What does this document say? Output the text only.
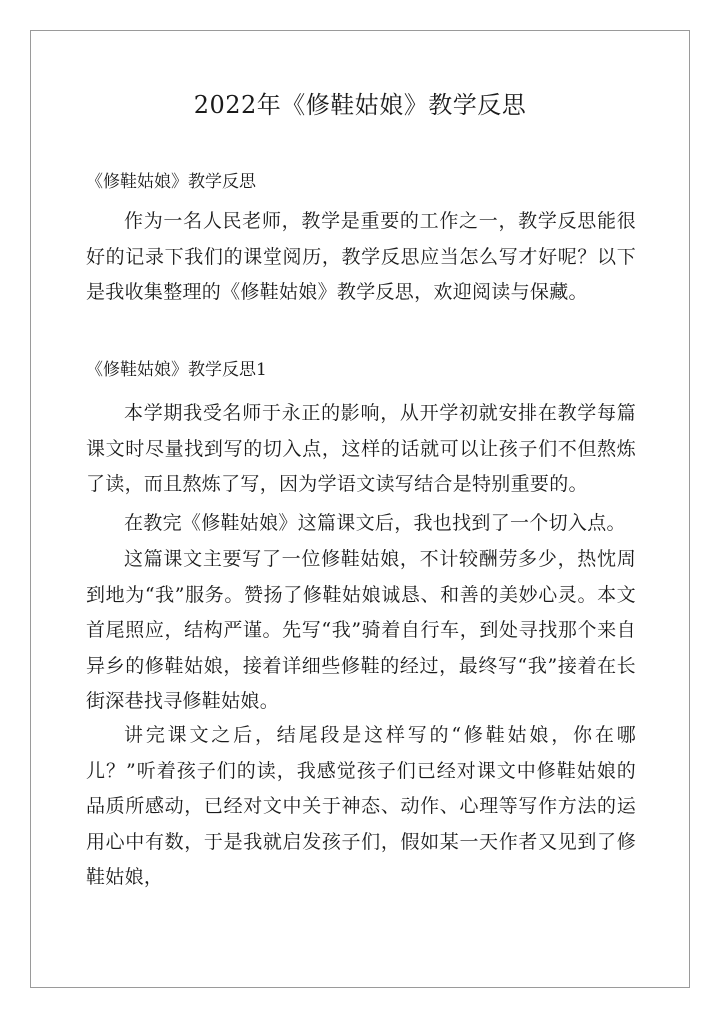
2022年《修鞋姑娘》教学反思

《修鞋姑娘》教学反思

作为一名人民老师，教学是重要的工作之一，教学反思能很好的记录下我们的课堂阅历，教学反思应当怎么写才好呢？以下是我收集整理的《修鞋姑娘》教学反思，欢迎阅读与保藏。

《修鞋姑娘》教学反思1

本学期我受名师于永正的影响，从开学初就安排在教学每篇课文时尽量找到写的切入点，这样的话就可以让孩子们不但熬炼了读，而且熬炼了写，因为学语文读写结合是特别重要的。

在教完《修鞋姑娘》这篇课文后，我也找到了一个切入点。

这篇课文主要写了一位修鞋姑娘，不计较酬劳多少，热忱周到地为“我”服务。赞扬了修鞋姑娘诚恳、和善的美妙心灵。本文首尾照应，结构严谨。先写“我”骑着自行车，到处寻找那个来自异乡的修鞋姑娘，接着详细些修鞋的经过，最终写“我”接着在长街深巷找寻修鞋姑娘。

讲完课文之后，结尾段是这样写的“修鞋姑娘，你在哪儿？”听着孩子们的读，我感觉孩子们已经对课文中修鞋姑娘的品质所感动，已经对文中关于神态、动作、心理等写作方法的运用心中有数，于是我就启发孩子们，假如某一天作者又见到了修鞋姑娘，
